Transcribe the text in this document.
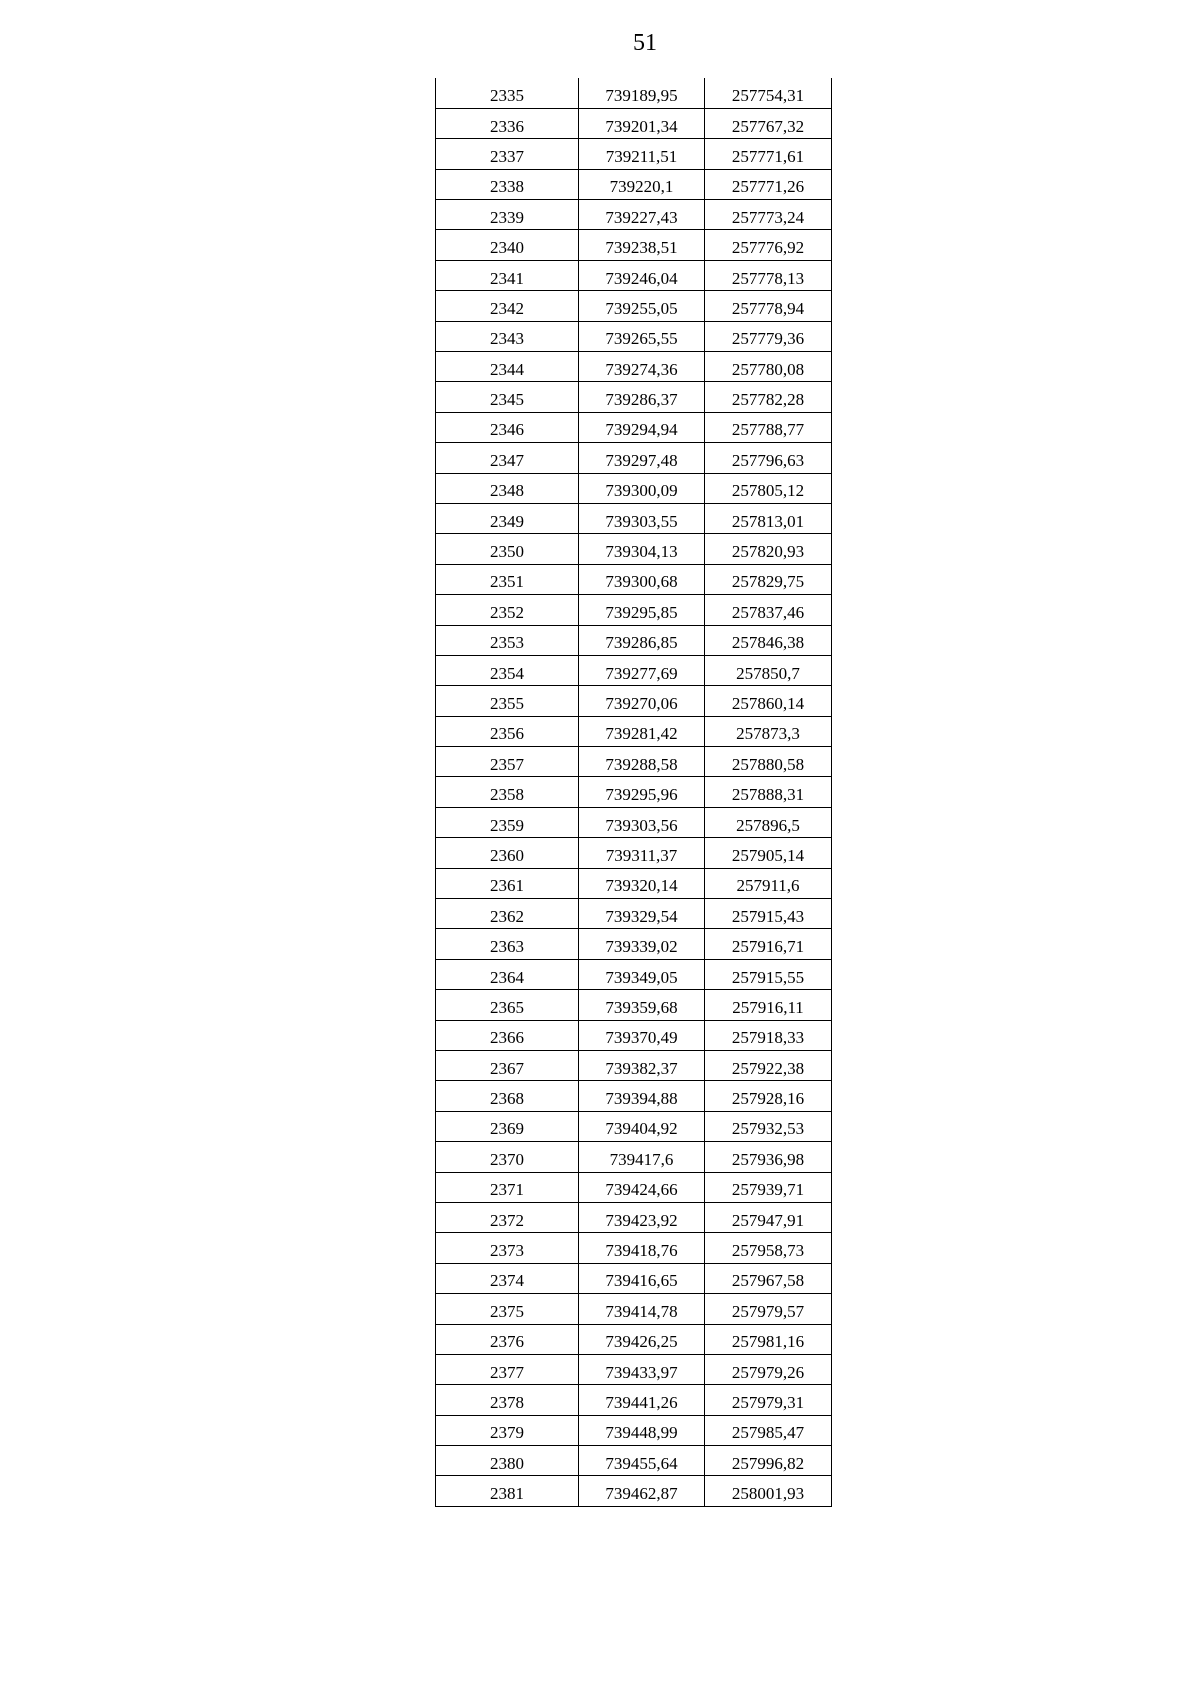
51
2335	739189,95	257754,31
2336	739201,34	257767,32
2337	739211,51	257771,61
2338	739220,1	257771,26
2339	739227,43	257773,24
2340	739238,51	257776,92
2341	739246,04	257778,13
2342	739255,05	257778,94
2343	739265,55	257779,36
2344	739274,36	257780,08
2345	739286,37	257782,28
2346	739294,94	257788,77
2347	739297,48	257796,63
2348	739300,09	257805,12
2349	739303,55	257813,01
2350	739304,13	257820,93
2351	739300,68	257829,75
2352	739295,85	257837,46
2353	739286,85	257846,38
2354	739277,69	257850,7
2355	739270,06	257860,14
2356	739281,42	257873,3
2357	739288,58	257880,58
2358	739295,96	257888,31
2359	739303,56	257896,5
2360	739311,37	257905,14
2361	739320,14	257911,6
2362	739329,54	257915,43
2363	739339,02	257916,71
2364	739349,05	257915,55
2365	739359,68	257916,11
2366	739370,49	257918,33
2367	739382,37	257922,38
2368	739394,88	257928,16
2369	739404,92	257932,53
2370	739417,6	257936,98
2371	739424,66	257939,71
2372	739423,92	257947,91
2373	739418,76	257958,73
2374	739416,65	257967,58
2375	739414,78	257979,57
2376	739426,25	257981,16
2377	739433,97	257979,26
2378	739441,26	257979,31
2379	739448,99	257985,47
2380	739455,64	257996,82
2381	739462,87	258001,93
